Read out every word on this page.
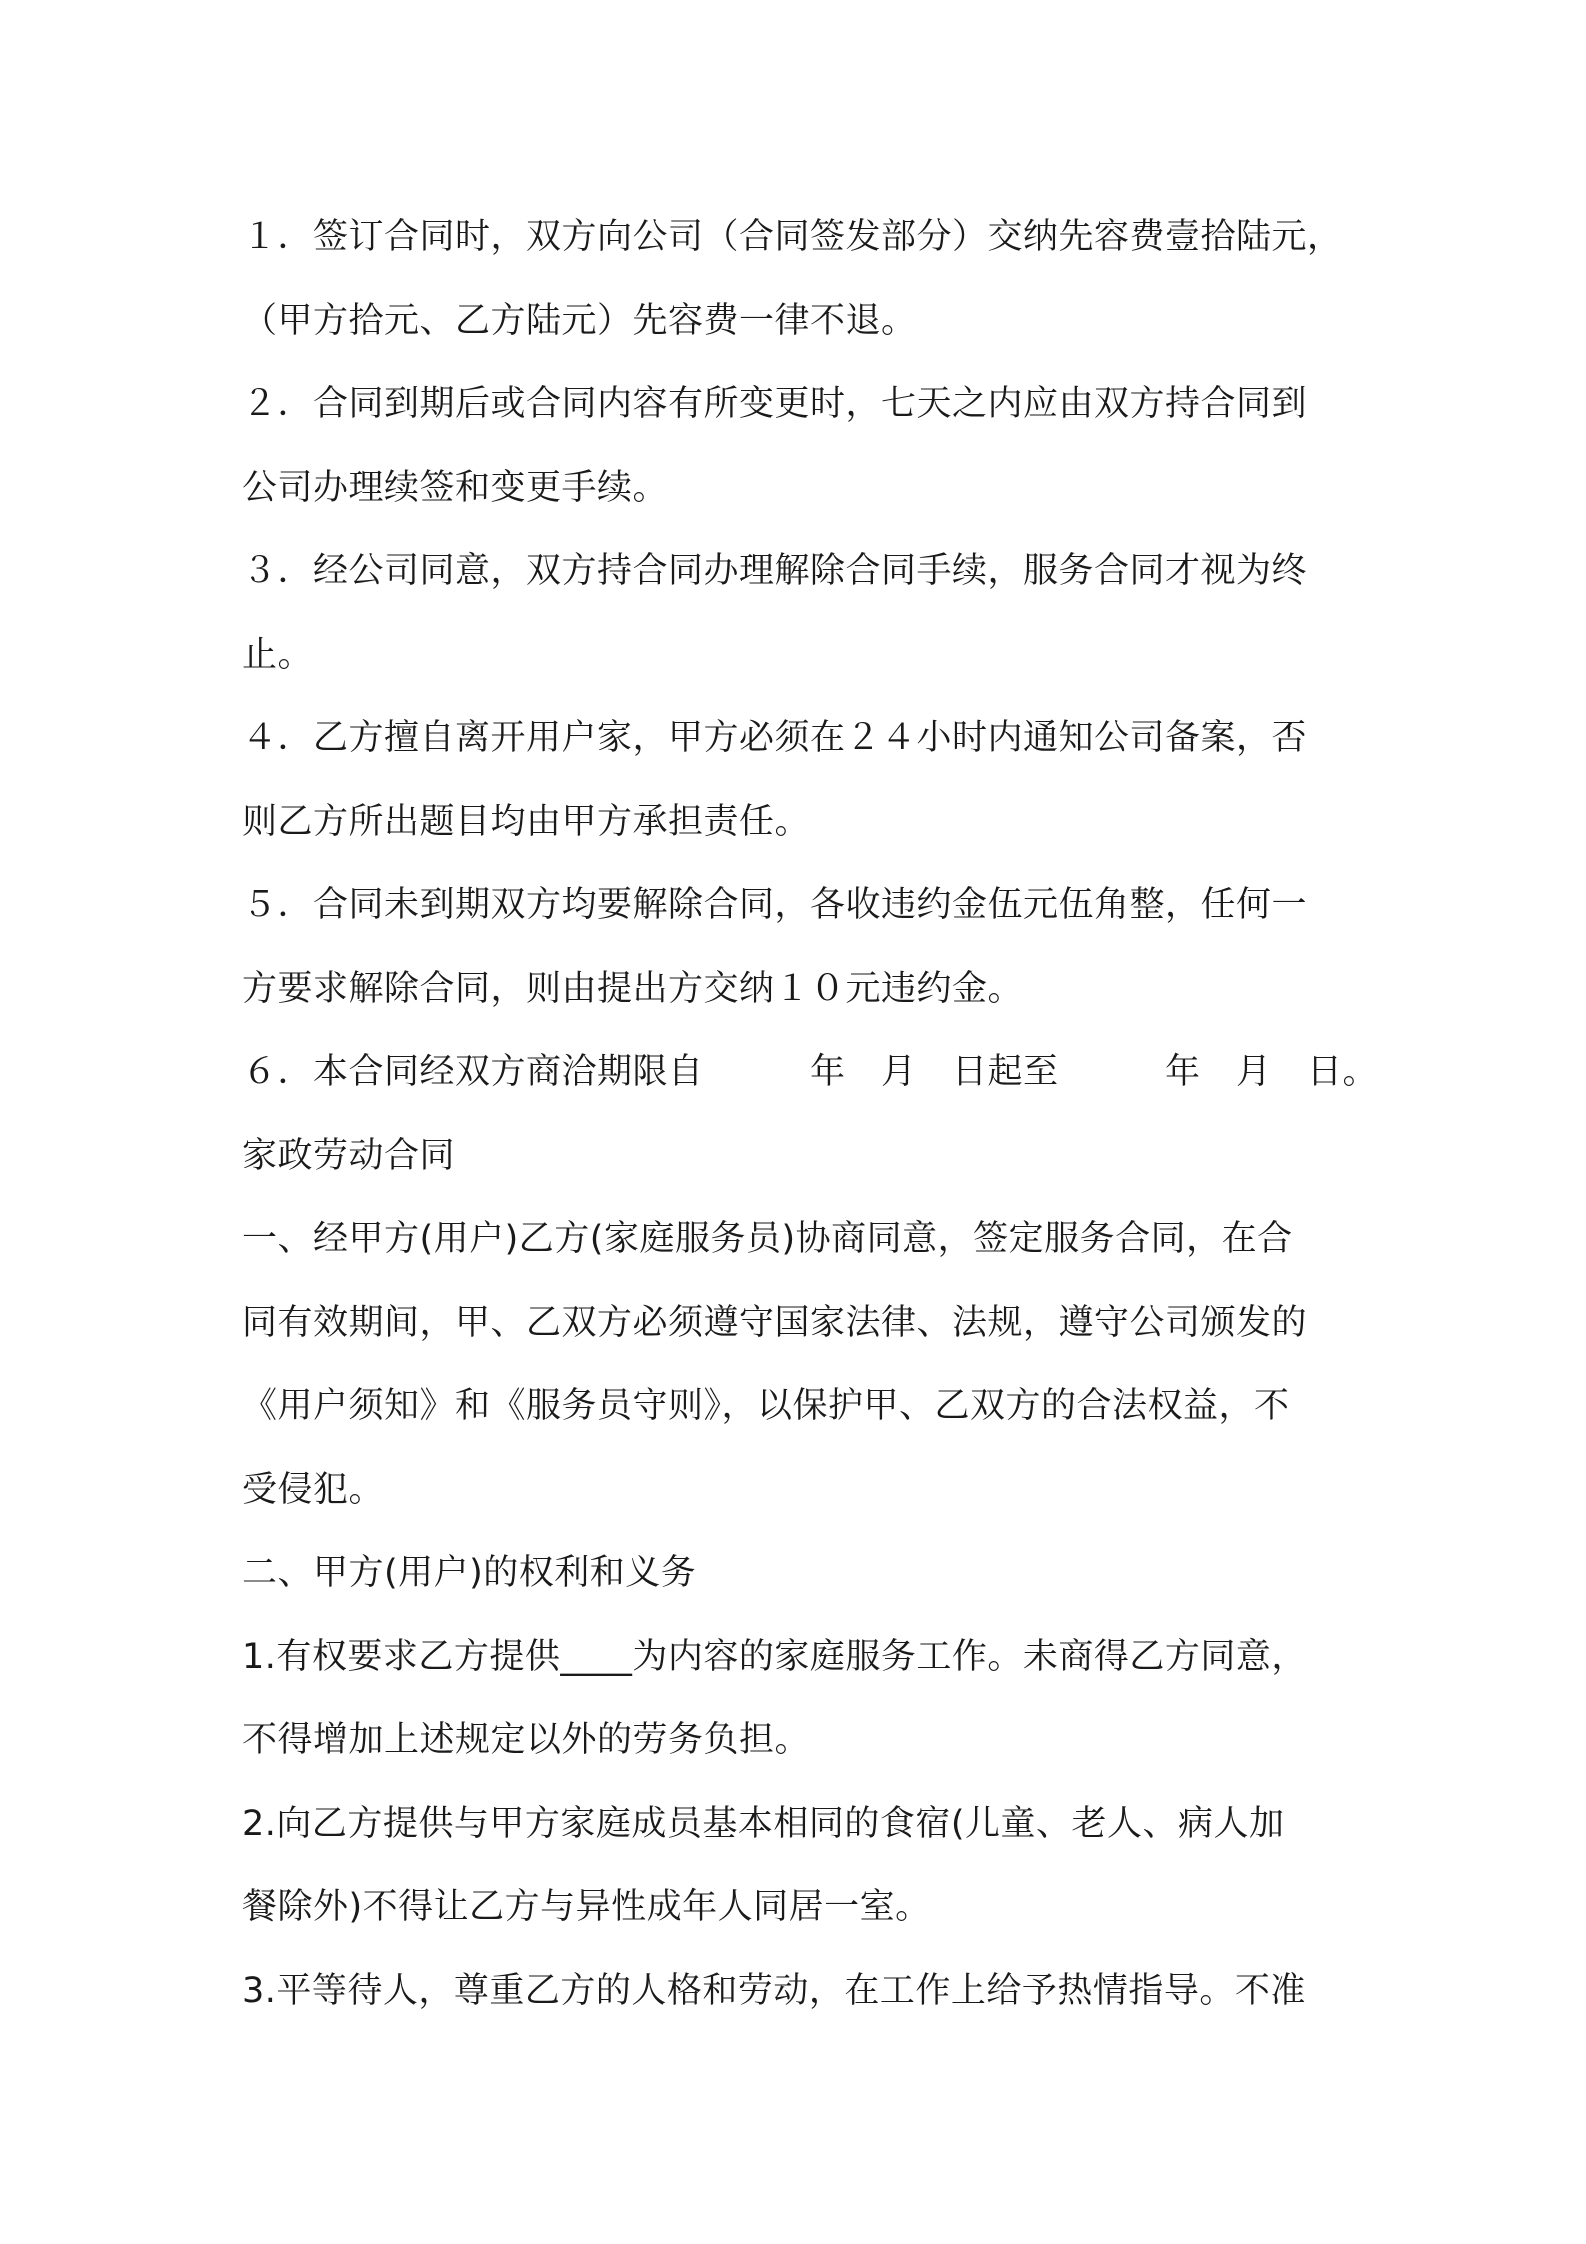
１．签订合同时，双方向公司（合同签发部分）交纳先容费壹拾陆元，
（甲方拾元、乙方陆元）先容费一律不退。
２．合同到期后或合同内容有所变更时，七天之内应由双方持合同到
公司办理续签和变更手续。
３．经公司同意，双方持合同办理解除合同手续，服务合同才视为终
止。
４．乙方擅自离开用户家，甲方必须在２４小时内通知公司备案，否
则乙方所出题目均由甲方承担责任。
５．合同未到期双方均要解除合同，各收违约金伍元伍角整，任何一
方要求解除合同，则由提出方交纳１０元违约金。
６．本合同经双方商洽期限自　　　年　月　日起至　　　年　月　日。
家政劳动合同
一、经甲方(用户)乙方(家庭服务员)协商同意，签定服务合同，在合
同有效期间，甲、乙双方必须遵守国家法律、法规，遵守公司颁发的
《用户须知》和《服务员守则》，以保护甲、乙双方的合法权益，不
受侵犯。
二、甲方(用户)的权利和义务
1.有权要求乙方提供____为内容的家庭服务工作。未商得乙方同意，
不得增加上述规定以外的劳务负担。
2.向乙方提供与甲方家庭成员基本相同的食宿(儿童、老人、病人加
餐除外)不得让乙方与异性成年人同居一室。
3.平等待人，尊重乙方的人格和劳动，在工作上给予热情指导。不准
